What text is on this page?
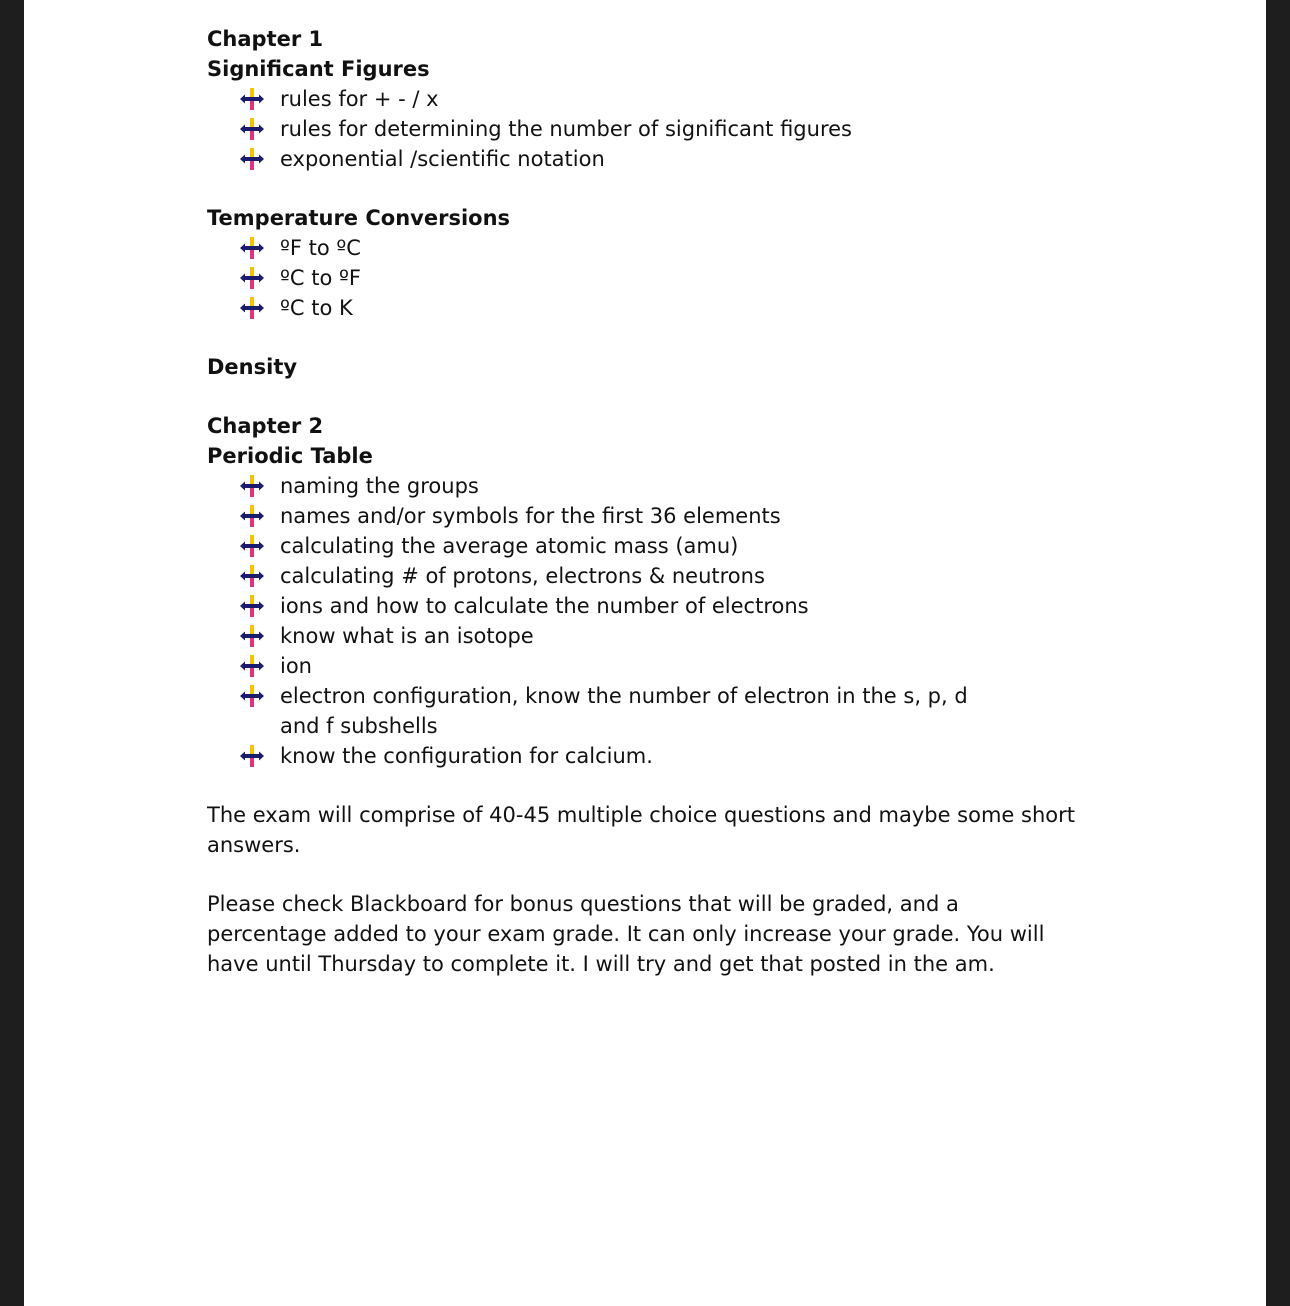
Chapter 1
Significant Figures
rules for + - / x
rules for determining the number of significant figures
exponential /scientific notation
Temperature Conversions
ºF to ºC
ºC to ºF
ºC to K
Density
Chapter 2
Periodic Table
naming the groups
names and/or symbols for the first 36 elements
calculating the average atomic mass (amu)
calculating # of protons, electrons & neutrons
ions and how to calculate the number of electrons
know what is an isotope
ion
electron configuration, know the number of electron in the s, p, d and f subshells
know the configuration for calcium.

The exam will comprise of 40-45 multiple choice questions and maybe some short answers.

Please check Blackboard for bonus questions that will be graded, and a percentage added to your exam grade. It can only increase your grade. You will have until Thursday to complete it. I will try and get that posted in the am.
